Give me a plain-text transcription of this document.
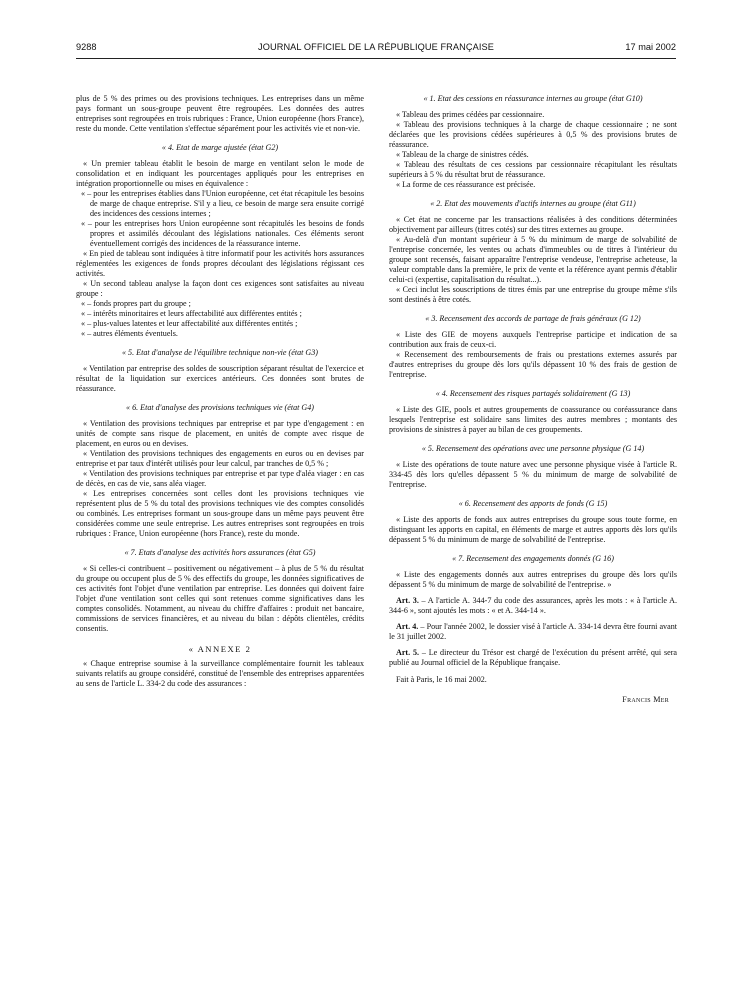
9288	JOURNAL OFFICIEL DE LA RÉPUBLIQUE FRANÇAISE	17 mai 2002

plus de 5 % des primes ou des provisions techniques. Les entreprises dans un même pays formant un sous-groupe peuvent être regroupées. Les données des autres entreprises sont regroupées en trois rubriques : France, Union européenne (hors France), reste du monde. Cette ventilation s'effectue séparément pour les activités vie et non-vie.

« 4. Etat de marge ajustée (état G2)

« Un premier tableau établit le besoin de marge en ventilant selon le mode de consolidation et en indiquant les pourcentages appliqués pour les entreprises en intégration proportionnelle ou mises en équivalence :

« – pour les entreprises établies dans l'Union européenne, cet état récapitule les besoins de marge de chaque entreprise. S'il y a lieu, ce besoin de marge sera ensuite corrigé des incidences des cessions internes ;

« – pour les entreprises hors Union européenne sont récapitulés les besoins de fonds propres et assimilés découlant des législations nationales. Ces éléments seront éventuellement corrigés des incidences de la réassurance interne.

« En pied de tableau sont indiquées à titre informatif pour les activités hors assurances réglementées les exigences de fonds propres découlant des législations régissant ces activités.

« Un second tableau analyse la façon dont ces exigences sont satisfaites au niveau groupe :

« – fonds propres part du groupe ;

« – intérêts minoritaires et leurs affectabilité aux différentes entités ;

« – plus-values latentes et leur affectabilité aux différentes entités ;

« – autres éléments éventuels.

« 5. Etat d'analyse de l'équilibre technique non-vie (état G3)

« Ventilation par entreprise des soldes de souscription séparant résultat de l'exercice et résultat de la liquidation sur exercices antérieurs. Ces données sont brutes de réassurance.

« 6. Etat d'analyse des provisions techniques vie (état G4)

« Ventilation des provisions techniques par entreprise et par type d'engagement : en unités de compte sans risque de placement, en unités de compte avec risque de placement, en euros ou en devises.

« Ventilation des provisions techniques des engagements en euros ou en devises par entreprise et par taux d'intérêt utilisés pour leur calcul, par tranches de 0,5 % ;

« Ventilation des provisions techniques par entreprise et par type d'aléa viager : en cas de décès, en cas de vie, sans aléa viager.

« Les entreprises concernées sont celles dont les provisions techniques vie représentent plus de 5 % du total des provisions techniques vie des comptes consolidés ou combinés. Les entreprises formant un sous-groupe dans un même pays peuvent être considérées comme une seule entreprise. Les autres entreprises sont regroupées en trois rubriques : France, Union européenne (hors France), reste du monde.

« 7. Etats d'analyse des activités hors assurances (état G5)

« Si celles-ci contribuent – positivement ou négativement – à plus de 5 % du résultat du groupe ou occupent plus de 5 % des effectifs du groupe, les données significatives de ces activités font l'objet d'une ventilation par entreprise. Les données qui doivent faire l'objet d'une ventilation sont celles qui sont retenues comme significatives dans les comptes consolidés. Notamment, au niveau du chiffre d'affaires : produit net bancaire, commissions de services financières, et au niveau du bilan : dépôts clientèles, crédits consentis.

« ANNEXE 2

« Chaque entreprise soumise à la surveillance complémentaire fournit les tableaux suivants relatifs au groupe considéré, constitué de l'ensemble des entreprises apparentées au sens de l'article L. 334-2 du code des assurances :

« 1. Etat des cessions en réassurance internes au groupe (état G10)

« Tableau des primes cédées par cessionnaire.

« Tableau des provisions techniques à la charge de chaque cessionnaire ; ne sont déclarées que les provisions cédées supérieures à 0,5 % des provisions brutes de réassurance.

« Tableau de la charge de sinistres cédés.

« Tableau des résultats de ces cessions par cessionnaire récapitulant les résultats supérieurs à 5 % du résultat brut de réassurance.

« La forme de ces réassurance est précisée.

« 2. Etat des mouvements d'actifs internes au groupe (état G11)

« Cet état ne concerne par les transactions réalisées à des conditions déterminées objectivement par ailleurs (titres cotés) sur des titres externes au groupe.

« Au-delà d'un montant supérieur à 5 % du minimum de marge de solvabilité de l'entreprise concernée, les ventes ou achats d'immeubles ou de titres à l'intérieur du groupe sont recensés, faisant apparaître l'entreprise vendeuse, l'entreprise acheteuse, la valeur comptable dans la première, le prix de vente et la référence ayant permis d'établir celui-ci (expertise, capitalisation du résultat...).

« Ceci inclut les souscriptions de titres émis par une entreprise du groupe même s'ils sont destinés à être cotés.

« 3. Recensement des accords de partage de frais généraux (G 12)

« Liste des GIE de moyens auxquels l'entreprise participe et indication de sa contribution aux frais de ceux-ci.

« Recensement des remboursements de frais ou prestations externes assurés par d'autres entreprises du groupe dès lors qu'ils dépassent 10 % des frais de gestion de l'entreprise.

« 4. Recensement des risques partagés solidairement (G 13)

« Liste des GIE, pools et autres groupements de coassurance ou coréassurance dans lesquels l'entreprise est solidaire sans limites des autres membres ; montants des provisions de sinistres à payer au bilan de ces groupements.

« 5. Recensement des opérations avec une personne physique (G 14)

« Liste des opérations de toute nature avec une personne physique visée à l'article R. 334-45 dès lors qu'elles dépassent 5 % du minimum de marge de solvabilité de l'entreprise.

« 6. Recensement des apports de fonds (G 15)

« Liste des apports de fonds aux autres entreprises du groupe sous toute forme, en distinguant les apports en capital, en éléments de marge et autres apports dès lors qu'ils dépassent 5 % du minimum de marge de solvabilité de l'entreprise.

« 7. Recensement des engagements donnés (G 16)

« Liste des engagements donnés aux autres entreprises du groupe dès lors qu'ils dépassent 5 % du minimum de marge de solvabilité de l'entreprise. »

Art. 3. – A l'article A. 344-7 du code des assurances, après les mots : « à l'article A. 344-6 », sont ajoutés les mots : « et A. 344-14 ».

Art. 4. – Pour l'année 2002, le dossier visé à l'article A. 334-14 devra être fourni avant le 31 juillet 2002.

Art. 5. – Le directeur du Trésor est chargé de l'exécution du présent arrêté, qui sera publié au Journal officiel de la République française.

Fait à Paris, le 16 mai 2002.

Francis Mer
